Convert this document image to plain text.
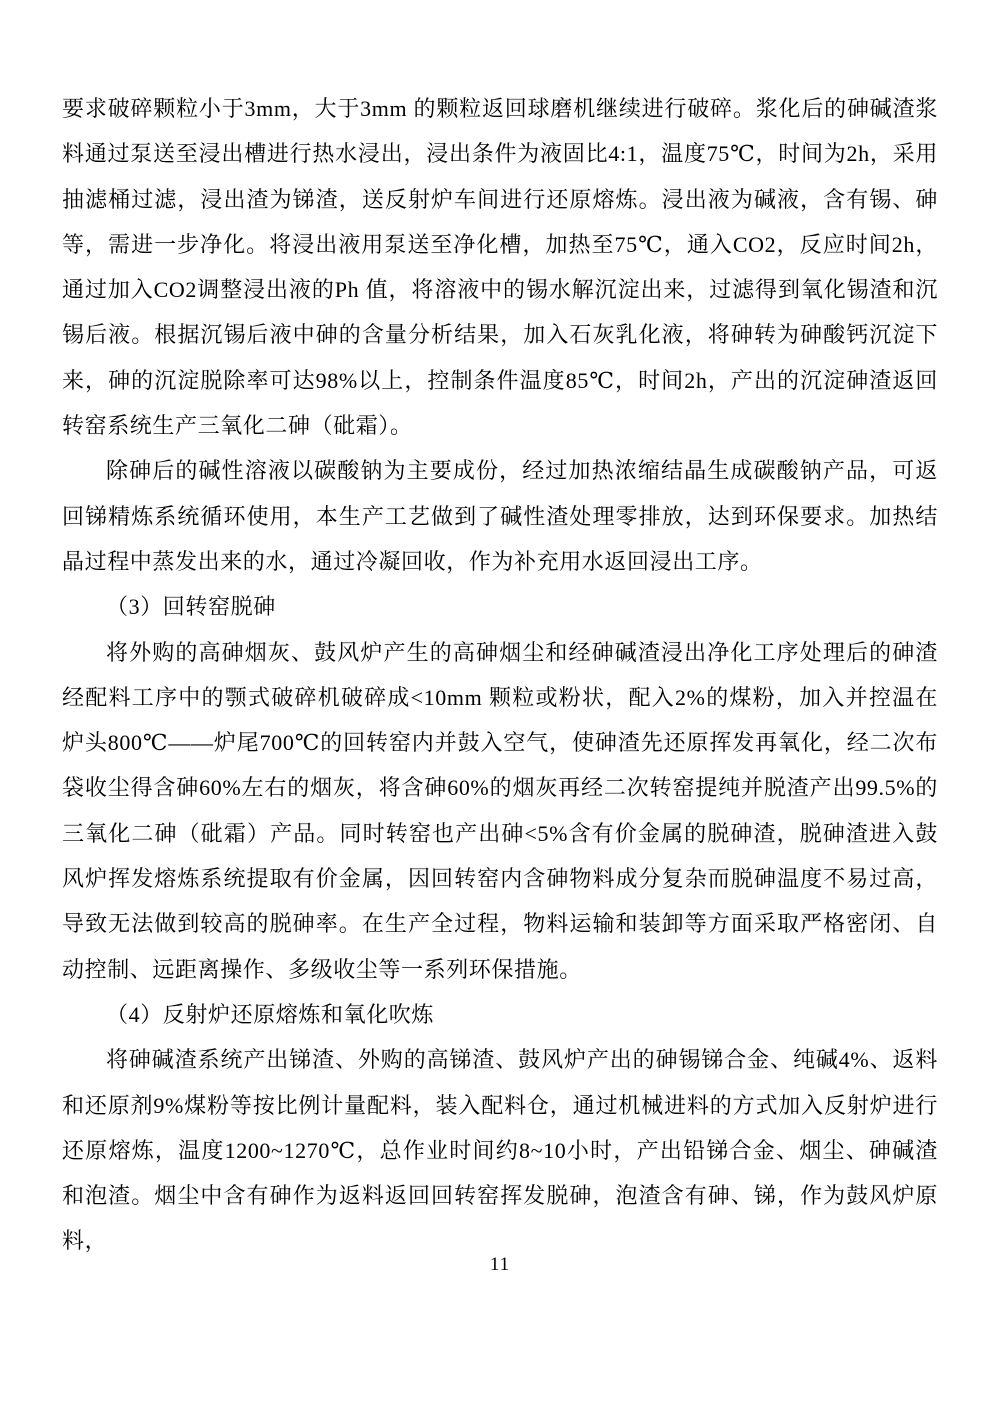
要求破碎颗粒小于3mm，大于3mm 的颗粒返回球磨机继续进行破碎。浆化后的砷碱渣浆料通过泵送至浸出槽进行热水浸出，浸出条件为液固比4:1，温度75℃，时间为2h，采用抽滤桶过滤，浸出渣为锑渣，送反射炉车间进行还原熔炼。浸出液为碱液，含有锡、砷等，需进一步净化。将浸出液用泵送至净化槽，加热至75℃，通入CO2，反应时间2h，通过加入CO2调整浸出液的Ph 值，将溶液中的锡水解沉淀出来，过滤得到氧化锡渣和沉锡后液。根据沉锡后液中砷的含量分析结果，加入石灰乳化液，将砷转为砷酸钙沉淀下来，砷的沉淀脱除率可达98%以上，控制条件温度85℃，时间2h，产出的沉淀砷渣返回转窑系统生产三氧化二砷（砒霜）。

除砷后的碱性溶液以碳酸钠为主要成份，经过加热浓缩结晶生成碳酸钠产品，可返回锑精炼系统循环使用，本生产工艺做到了碱性渣处理零排放，达到环保要求。加热结晶过程中蒸发出来的水，通过冷凝回收，作为补充用水返回浸出工序。

（3）回转窑脱砷

将外购的高砷烟灰、鼓风炉产生的高砷烟尘和经砷碱渣浸出净化工序处理后的砷渣经配料工序中的颚式破碎机破碎成<10mm 颗粒或粉状，配入2%的煤粉，加入并控温在炉头800℃——炉尾700℃的回转窑内并鼓入空气，使砷渣先还原挥发再氧化，经二次布袋收尘得含砷60%左右的烟灰，将含砷60%的烟灰再经二次转窑提纯并脱渣产出99.5%的三氧化二砷（砒霜）产品。同时转窑也产出砷<5%含有价金属的脱砷渣，脱砷渣进入鼓风炉挥发熔炼系统提取有价金属，因回转窑内含砷物料成分复杂而脱砷温度不易过高，导致无法做到较高的脱砷率。在生产全过程，物料运输和装卸等方面采取严格密闭、自动控制、远距离操作、多级收尘等一系列环保措施。

（4）反射炉还原熔炼和氧化吹炼

将砷碱渣系统产出锑渣、外购的高锑渣、鼓风炉产出的砷锡锑合金、纯碱4%、返料和还原剂9%煤粉等按比例计量配料，装入配料仓，通过机械进料的方式加入反射炉进行还原熔炼，温度1200~1270℃，总作业时间约8~10小时，产出铅锑合金、烟尘、砷碱渣和泡渣。烟尘中含有砷作为返料返回回转窑挥发脱砷，泡渣含有砷、锑，作为鼓风炉原料，

11
